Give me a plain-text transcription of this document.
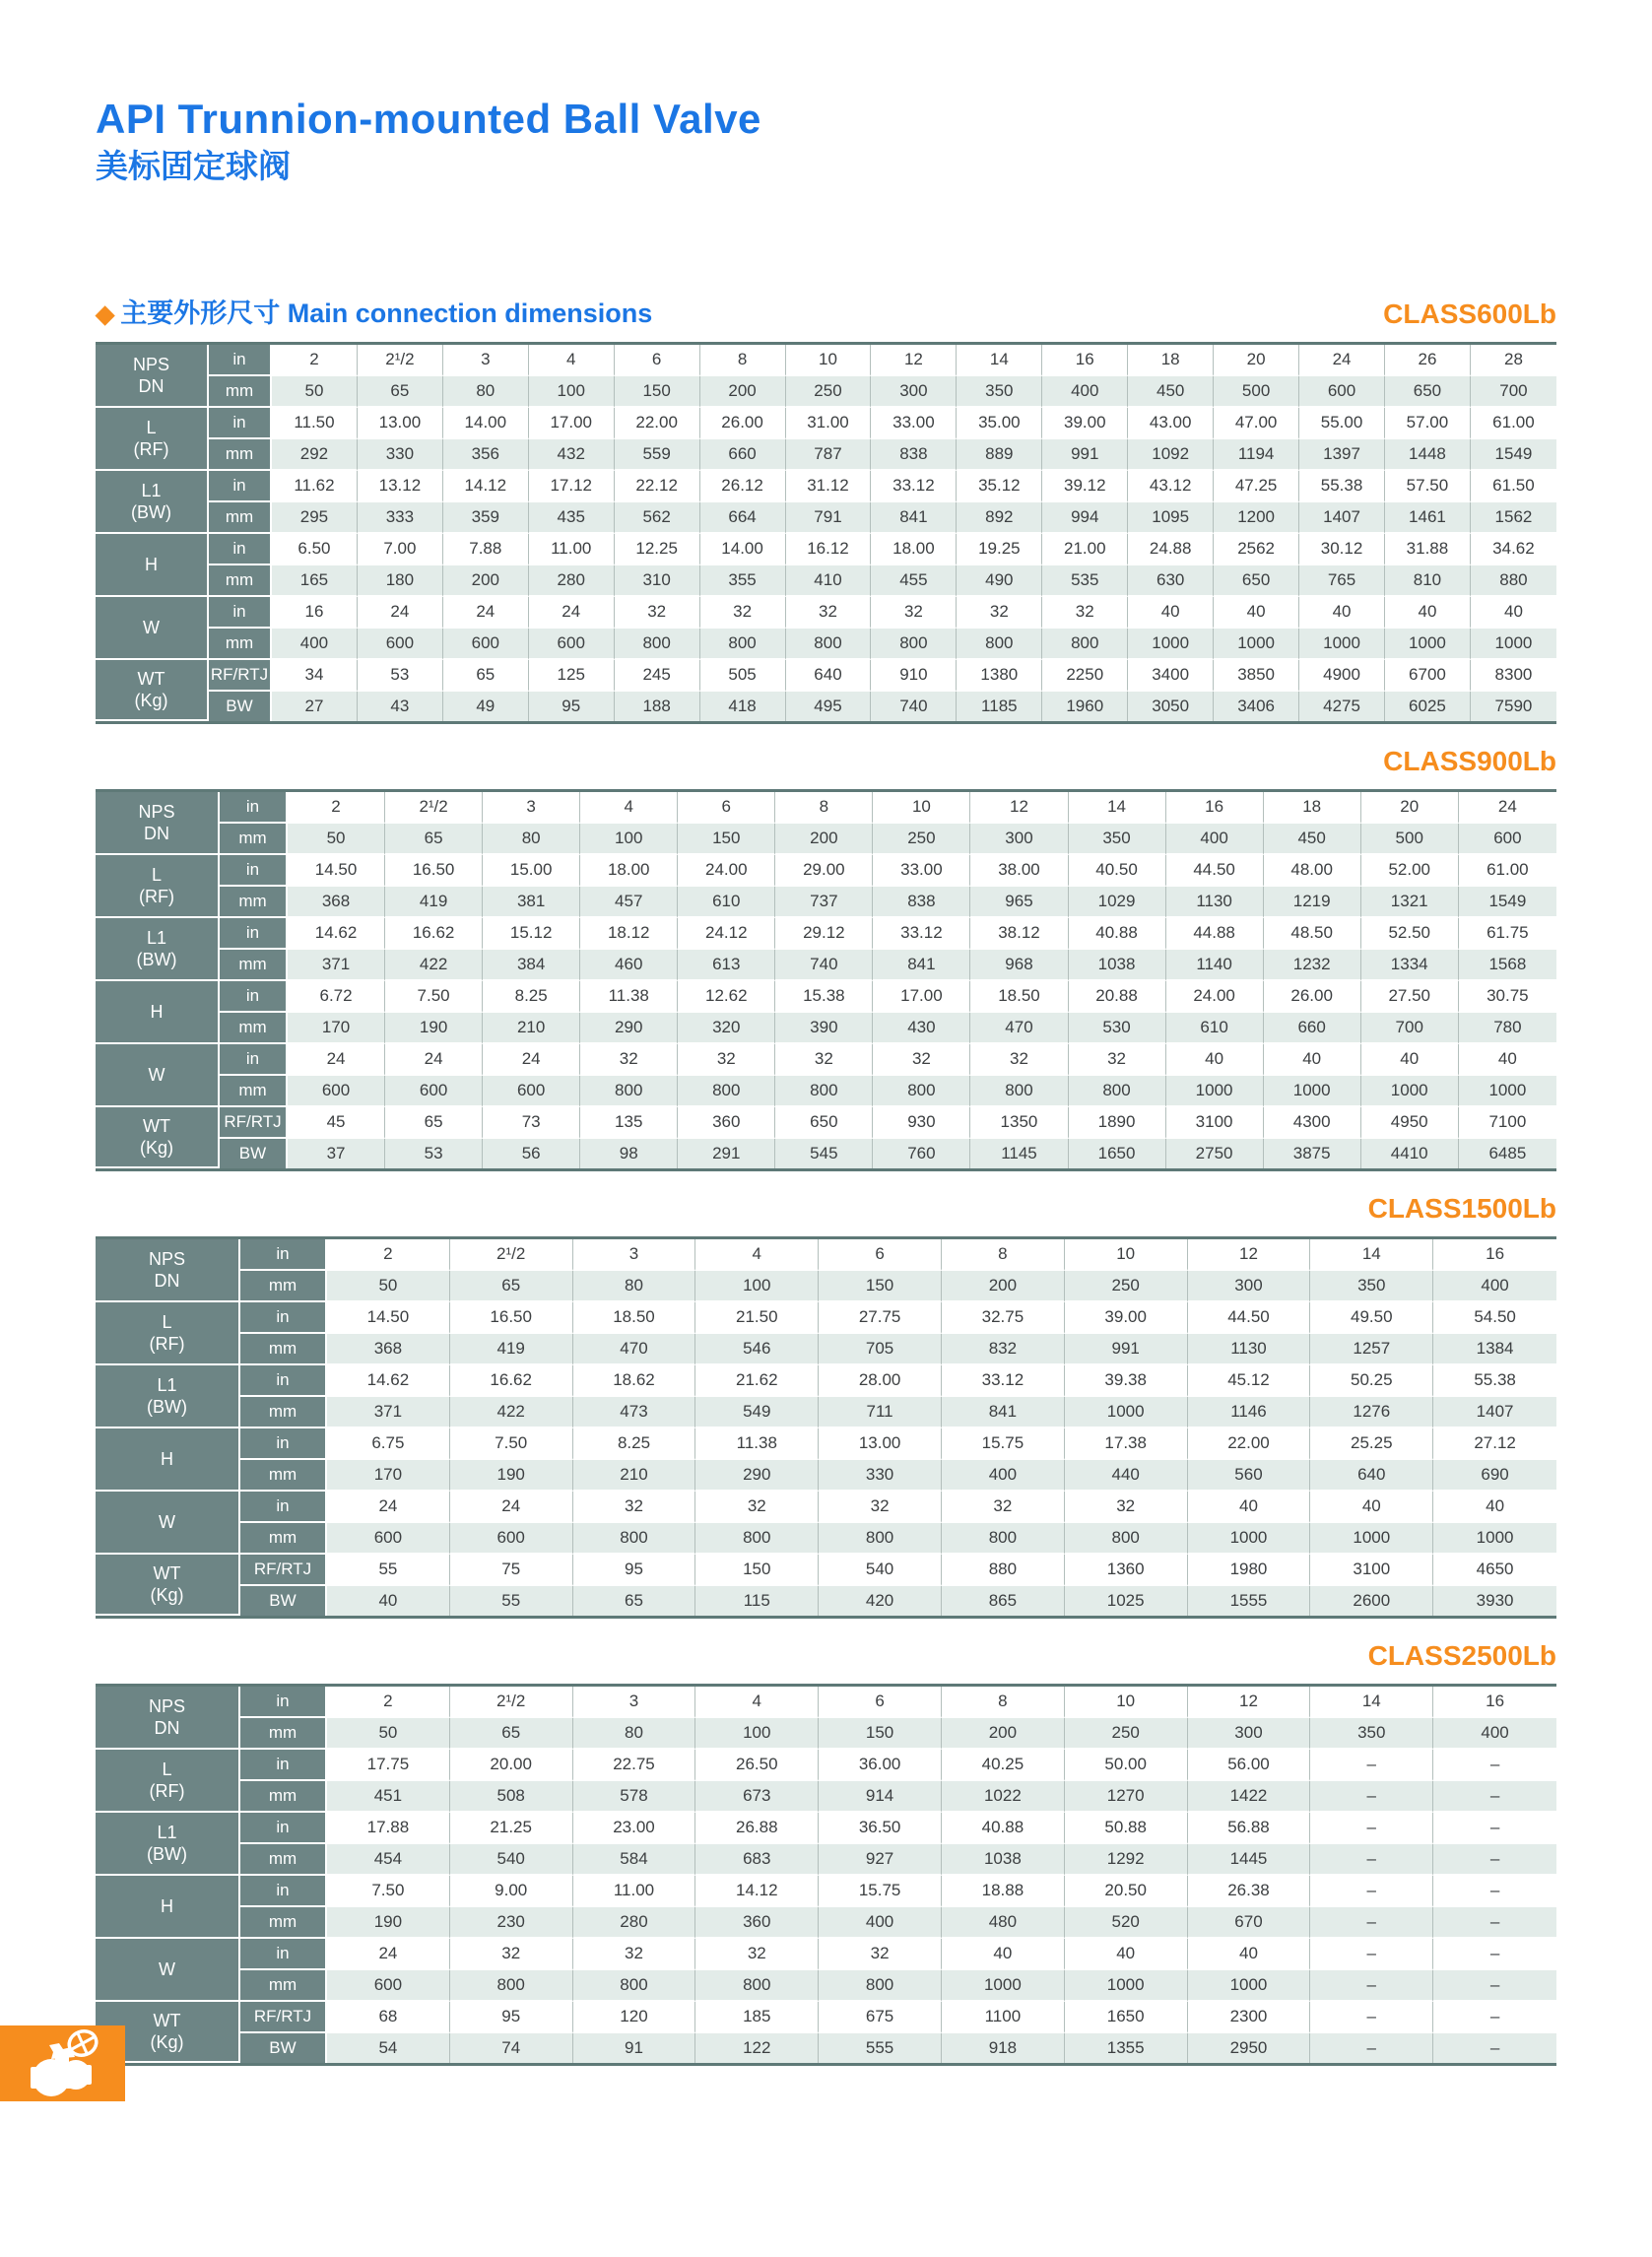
API Trunnion-mounted Ball Valve
美标固定球阀
◆ 主要外形尺寸 Main connection dimensions	CLASS600Lb
NPS
DN	in	2	2¹/2	3	4	6	8	10	12	14	16	18	20	24	26	28
	mm	50	65	80	100	150	200	250	300	350	400	450	500	600	650	700
L
(RF)	in	11.50	13.00	14.00	17.00	22.00	26.00	31.00	33.00	35.00	39.00	43.00	47.00	55.00	57.00	61.00
	mm	292	330	356	432	559	660	787	838	889	991	1092	1194	1397	1448	1549
L1
(BW)	in	11.62	13.12	14.12	17.12	22.12	26.12	31.12	33.12	35.12	39.12	43.12	47.25	55.38	57.50	61.50
	mm	295	333	359	435	562	664	791	841	892	994	1095	1200	1407	1461	1562
H	in	6.50	7.00	7.88	11.00	12.25	14.00	16.12	18.00	19.25	21.00	24.88	2562	30.12	31.88	34.62
	mm	165	180	200	280	310	355	410	455	490	535	630	650	765	810	880
W	in	16	24	24	24	32	32	32	32	32	32	40	40	40	40	40
	mm	400	600	600	600	800	800	800	800	800	800	1000	1000	1000	1000	1000
WT
(Kg)	RF/RTJ	34	53	65	125	245	505	640	910	1380	2250	3400	3850	4900	6700	8300
	BW	27	43	49	95	188	418	495	740	1185	1960	3050	3406	4275	6025	7590
CLASS900Lb
NPS
DN	in	2	2¹/2	3	4	6	8	10	12	14	16	18	20	24
	mm	50	65	80	100	150	200	250	300	350	400	450	500	600
L
(RF)	in	14.50	16.50	15.00	18.00	24.00	29.00	33.00	38.00	40.50	44.50	48.00	52.00	61.00
	mm	368	419	381	457	610	737	838	965	1029	1130	1219	1321	1549
L1
(BW)	in	14.62	16.62	15.12	18.12	24.12	29.12	33.12	38.12	40.88	44.88	48.50	52.50	61.75
	mm	371	422	384	460	613	740	841	968	1038	1140	1232	1334	1568
H	in	6.72	7.50	8.25	11.38	12.62	15.38	17.00	18.50	20.88	24.00	26.00	27.50	30.75
	mm	170	190	210	290	320	390	430	470	530	610	660	700	780
W	in	24	24	24	32	32	32	32	32	32	40	40	40	40
	mm	600	600	600	800	800	800	800	800	800	1000	1000	1000	1000
WT
(Kg)	RF/RTJ	45	65	73	135	360	650	930	1350	1890	3100	4300	4950	7100
	BW	37	53	56	98	291	545	760	1145	1650	2750	3875	4410	6485
CLASS1500Lb
NPS
DN	in	2	2¹/2	3	4	6	8	10	12	14	16
	mm	50	65	80	100	150	200	250	300	350	400
L
(RF)	in	14.50	16.50	18.50	21.50	27.75	32.75	39.00	44.50	49.50	54.50
	mm	368	419	470	546	705	832	991	1130	1257	1384
L1
(BW)	in	14.62	16.62	18.62	21.62	28.00	33.12	39.38	45.12	50.25	55.38
	mm	371	422	473	549	711	841	1000	1146	1276	1407
H	in	6.75	7.50	8.25	11.38	13.00	15.75	17.38	22.00	25.25	27.12
	mm	170	190	210	290	330	400	440	560	640	690
W	in	24	24	32	32	32	32	32	40	40	40
	mm	600	600	800	800	800	800	800	1000	1000	1000
WT
(Kg)	RF/RTJ	55	75	95	150	540	880	1360	1980	3100	4650
	BW	40	55	65	115	420	865	1025	1555	2600	3930
CLASS2500Lb
NPS
DN	in	2	2¹/2	3	4	6	8	10	12	14	16
	mm	50	65	80	100	150	200	250	300	350	400
L
(RF)	in	17.75	20.00	22.75	26.50	36.00	40.25	50.00	56.00	–	–
	mm	451	508	578	673	914	1022	1270	1422	–	–
L1
(BW)	in	17.88	21.25	23.00	26.88	36.50	40.88	50.88	56.88	–	–
	mm	454	540	584	683	927	1038	1292	1445	–	–
H	in	7.50	9.00	11.00	14.12	15.75	18.88	20.50	26.38	–	–
	mm	190	230	280	360	400	480	520	670	–	–
W	in	24	32	32	32	32	40	40	40	–	–
	mm	600	800	800	800	800	1000	1000	1000	–	–
WT
(Kg)	RF/RTJ	68	95	120	185	675	1100	1650	2300	–	–
	BW	54	74	91	122	555	918	1355	2950	–	–
